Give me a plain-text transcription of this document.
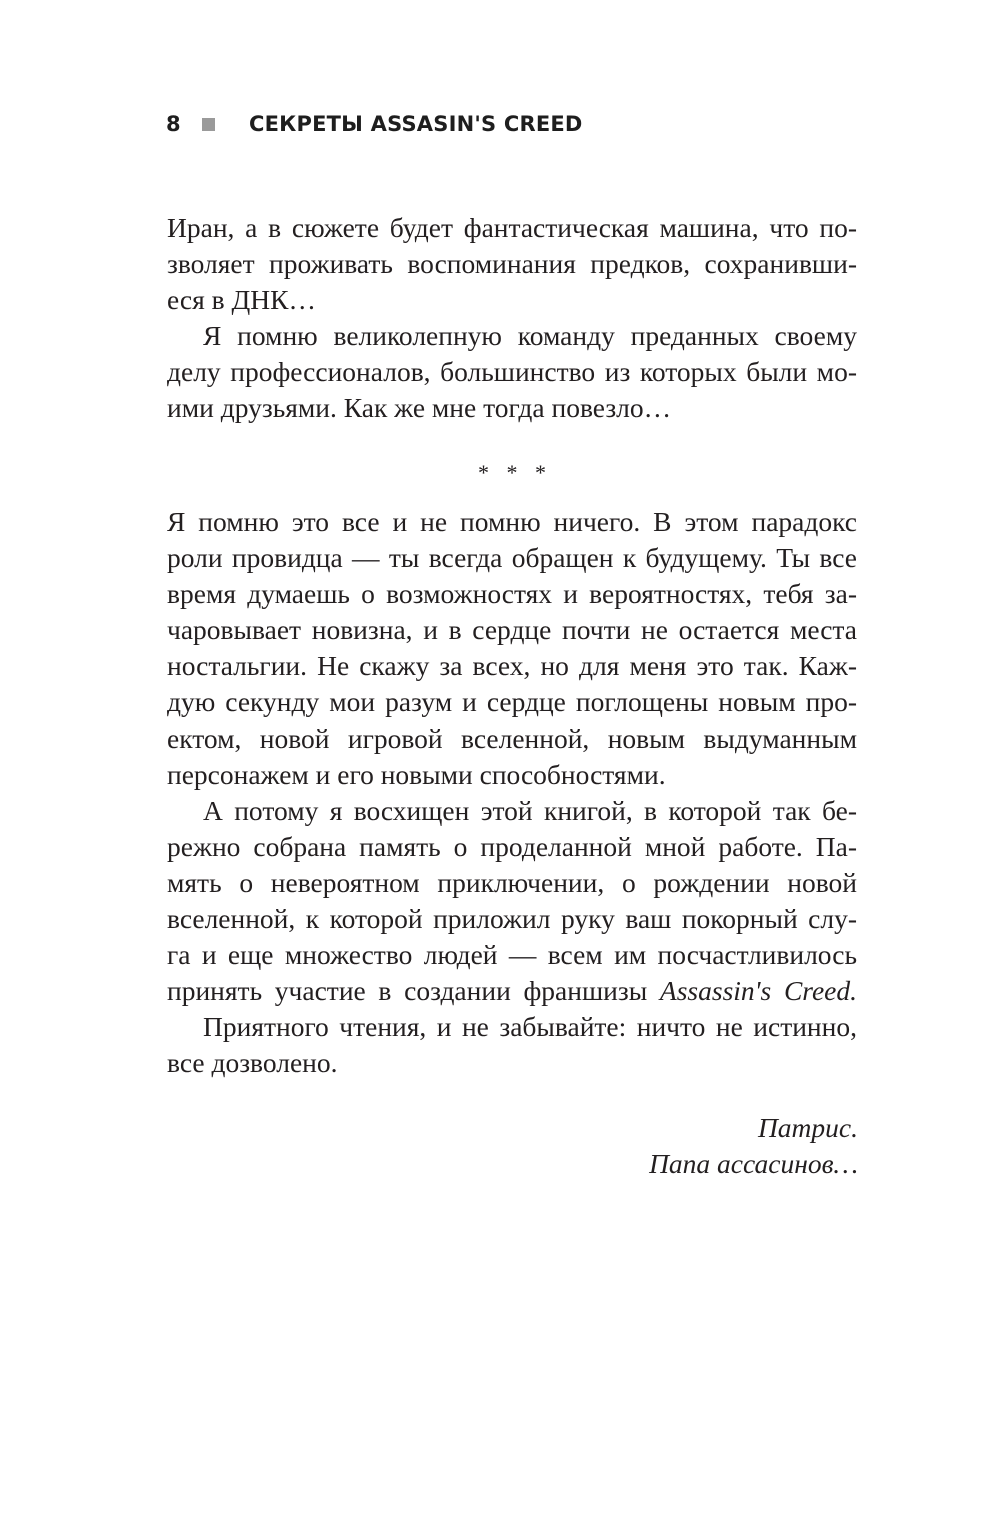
8	СЕКРЕТЫ ASSASIN'S CREED
Иран, а в сюжете будет фантастическая машина, что по-
зволяет проживать воспоминания предков, сохранивши-
еся в ДНК…
Я помню великолепную команду преданных своему
делу профессионалов, большинство из которых были мо-
ими друзьями. Как же мне тогда повезло…
* * *
Я помню это все и не помню ничего. В этом парадокс
роли провидца — ты всегда обращен к будущему. Ты все
время думаешь о возможностях и вероятностях, тебя за-
чаровывает новизна, и в сердце почти не остается места
ностальгии. Не скажу за всех, но для меня это так. Каж-
дую секунду мои разум и сердце поглощены новым про-
ектом, новой игровой вселенной, новым выдуманным
персонажем и его новыми способностями.
А потому я восхищен этой книгой, в которой так бе-
режно собрана память о проделанной мной работе. Па-
мять о невероятном приключении, о рождении новой
вселенной, к которой приложил руку ваш покорный слу-
га и еще множество людей — всем им посчастливилось
принять участие в создании франшизы Assassin's Creed.
Приятного чтения, и не забывайте: ничто не истинно,
все дозволено.
Патрис.
Папа ассасинов…
